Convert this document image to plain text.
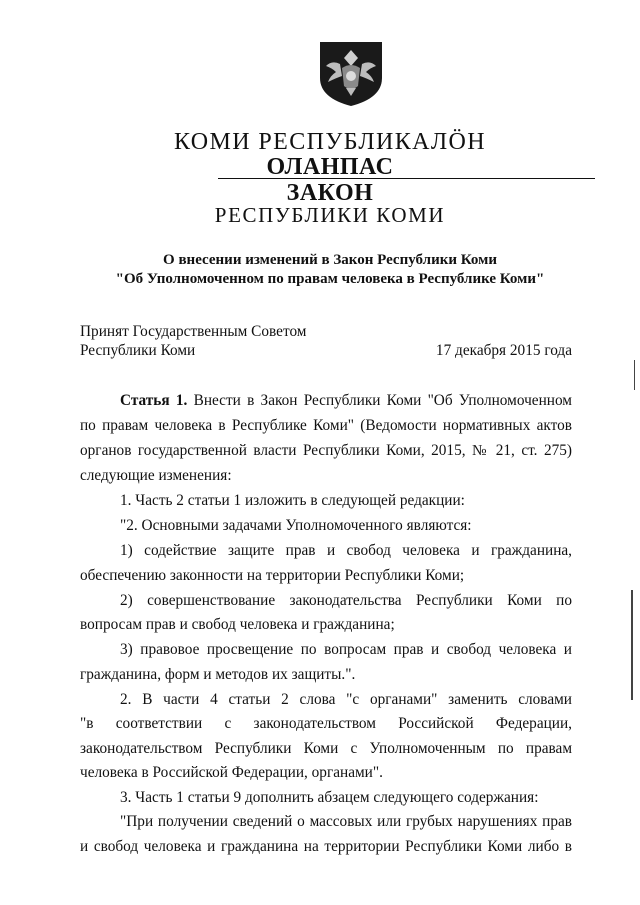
КОМИ РЕСПУБЛИКАЛÖН
ОЛАНПАС
ЗАКОН
РЕСПУБЛИКИ КОМИ
О внесении изменений в Закон Республики Коми
"Об Уполномоченном по правам человека в Республике Коми"
Принят Государственным Советом
Республики Коми	17 декабря 2015 года
Статья 1. Внести в Закон Республики Коми "Об Уполномоченном
по правам человека в Республике Коми" (Ведомости нормативных актов
органов государственной власти Республики Коми, 2015, № 21, ст. 275)
следующие изменения:
1. Часть 2 статьи 1 изложить в следующей редакции:
"2. Основными задачами Уполномоченного являются:
1) содействие защите прав и свобод человека и гражданина,
обеспечению законности на территории Республики Коми;
2) совершенствование законодательства Республики Коми по
вопросам прав и свобод человека и гражданина;
3) правовое просвещение по вопросам прав и свобод человека и
гражданина, форм и методов их защиты.".
2. В части 4 статьи 2 слова "с органами" заменить словами
"в соответствии с законодательством Российской Федерации,
законодательством Республики Коми с Уполномоченным по правам
человека в Российской Федерации, органами".
3. Часть 1 статьи 9 дополнить абзацем следующего содержания:
"При получении сведений о массовых или грубых нарушениях прав
и свобод человека и гражданина на территории Республики Коми либо в
